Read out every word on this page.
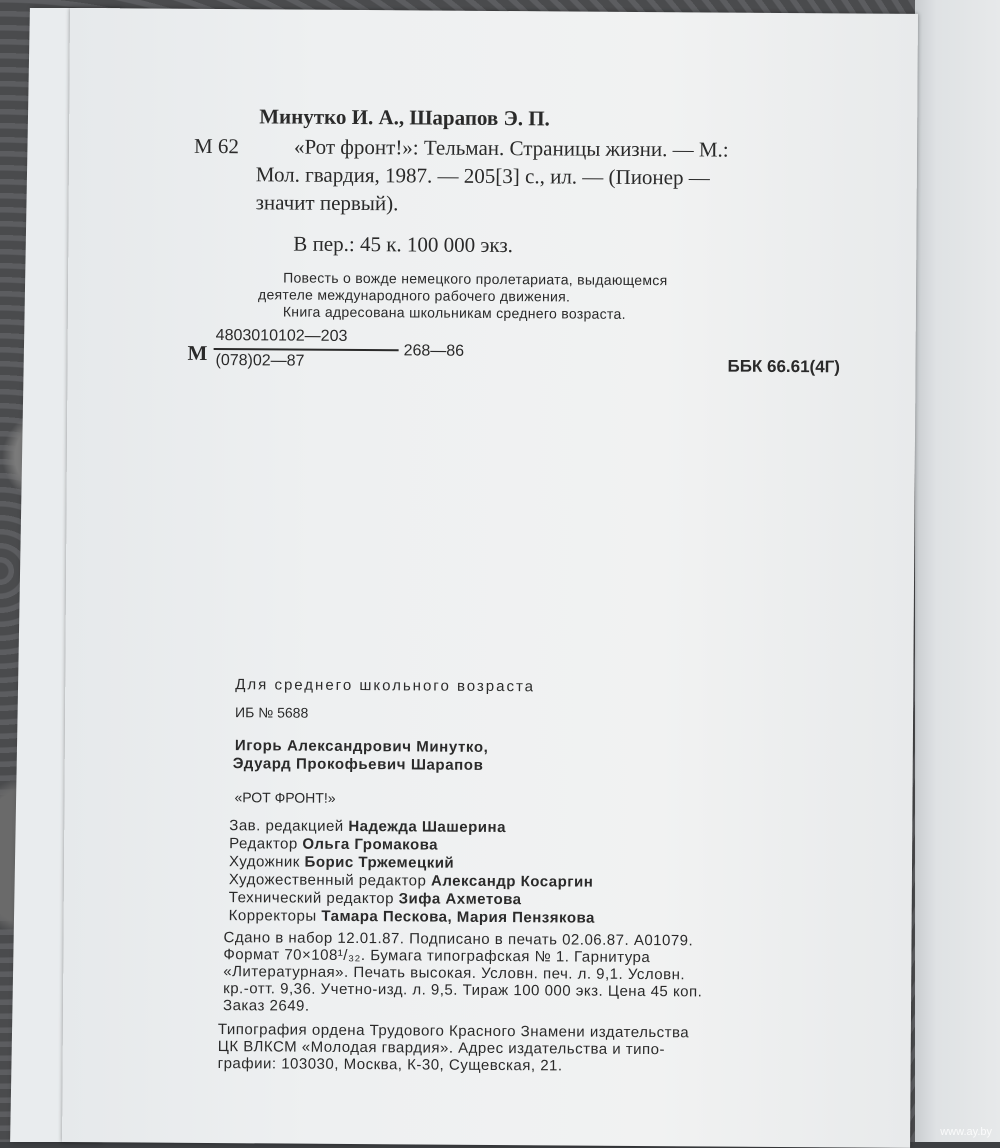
Минутко И. А., Шарапов Э. П.
М 62	«Рот фронт!»: Тельман. Страницы жизни. — М.:
Мол. гвардия, 1987. — 205[3] с., ил. — (Пионер —
значит первый).
В пер.: 45 к. 100 000 экз.
Повесть о вожде немецкого пролетариата, выдающемся
деятеле международного рабочего движения.
Книга адресована школьникам среднего возраста.
М
4803010102—203
(078)02—87
268—86
ББК 66.61(4Г)
Для среднего школьного возраста
ИБ № 5688
Игорь Александрович Минутко,
Эдуард Прокофьевич Шарапов
«РОТ ФРОНТ!»
Зав. редакцией Надежда Шашерина
Редактор Ольга Громакова
Художник Борис Тржемецкий
Художественный редактор Александр Косаргин
Технический редактор Зифа Ахметова
Корректоры Тамара Пескова, Мария Пензякова
Сдано в набор 12.01.87. Подписано в печать 02.06.87. А01079.
Формат 70×108¹/₃₂. Бумага типографская № 1. Гарнитура
«Литературная». Печать высокая. Условн. печ. л. 9,1. Условн.
кр.-отт. 9,36. Учетно-изд. л. 9,5. Тираж 100 000 экз. Цена 45 коп.
Заказ 2649.
Типография ордена Трудового Красного Знамени издательства
ЦК ВЛКСМ «Молодая гвардия». Адрес издательства и типо-
графии: 103030, Москва, К-30, Сущевская, 21.
www.ay.by
